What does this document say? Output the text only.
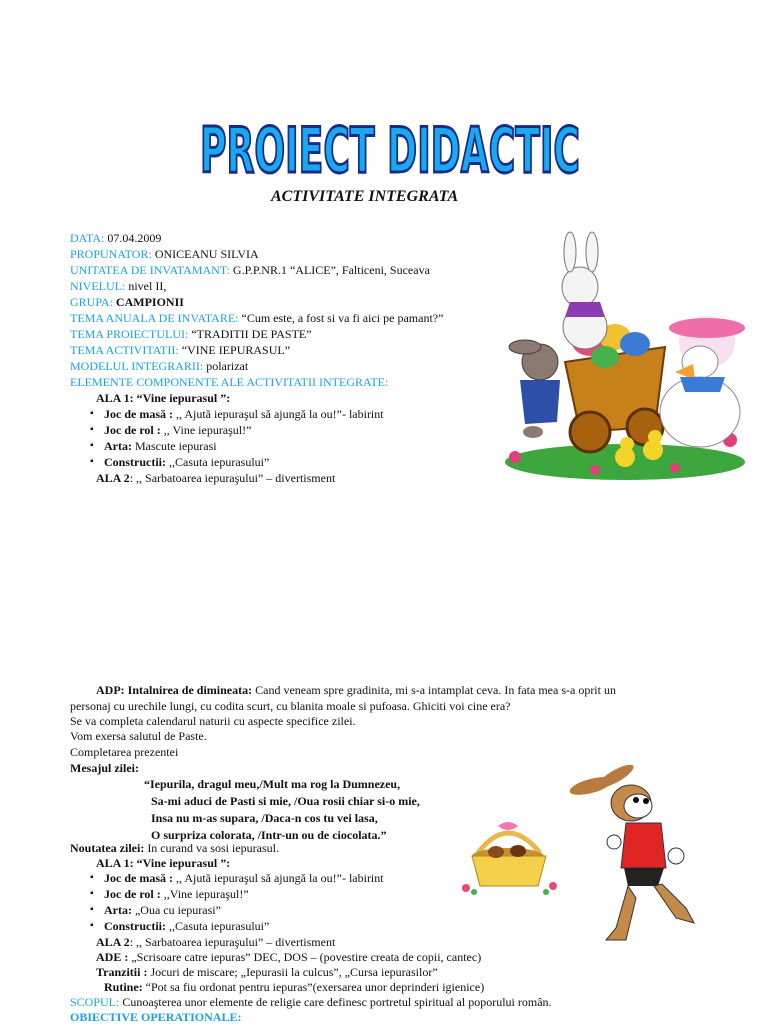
PROIECT DIDACTIC
ACTIVITATE INTEGRATA
DATA: 07.04.2009
PROPUNATOR: ONICEANU SILVIA
UNITATEA DE INVATAMANT: G.P.P.NR.1 “ALICE”, Falticeni, Suceava
NIVELUL: nivel II,
GRUPA: CAMPIONII
TEMA ANUALA DE INVATARE: “Cum este, a fost si va fi aici pe pamant?”
TEMA PROIECTULUI: “TRADITII DE PASTE”
TEMA ACTIVITATII: “VINE IEPURASUL”
MODELUL INTEGRARII: polarizat
ELEMENTE COMPONENTE ALE ACTIVITATII INTEGRATE:
ALA 1: “Vine iepurasul ”:
▪ Joc de masă : ,, Ajută iepuraşul să ajungă la ou!”- labirint
▪ Joc de rol : ,, Vine iepuraşul!”
▪ Arta: Mascute iepurasi
▪ Constructii: ,,Casuta iepurasului”
ALA 2: ,, Sarbatoarea iepuraşului” – divertisment
ADP: Intalnirea de dimineata: Cand veneam spre gradinita, mi s-a intamplat ceva. In fata mea s-a oprit un
personaj cu urechile lungi, cu codita scurt, cu blanita moale si pufoasa. Ghiciti voi cine era?
Se va completa calendarul naturii cu aspecte specifice zilei.
Vom exersa salutul de Paste.
Completarea prezentei
Mesajul zilei:
“Iepurila, dragul meu,/Mult ma rog la Dumnezeu,
Sa-mi aduci de Pasti si mie, /Oua rosii chiar si-o mie,
Insa nu m-as supara, /Daca-n cos tu vei lasa,
O surpriza colorata, /Intr-un ou de ciocolata.”
Noutatea zilei: In curand va sosi iepurasul.
ALA 1: “Vine iepurasul ”:
▪ Joc de masă : ,, Ajută iepuraşul să ajungă la ou!”- labirint
▪ Joc de rol : ,,Vine iepuraşul!”
▪ Arta: „Oua cu iepurasi”
▪ Constructii: ,,Casuta iepurasului”
ALA 2: ,, Sarbatoarea iepuraşului” – divertisment
ADE : „Scrisoare catre iepuras” DEC, DOS – (povestire creata de copii, cantec)
Tranzitii : Jocuri de miscare; „Iepurasii la culcus”, „Cursa iepurasilor”
Rutine: “Pot sa fiu ordonat pentru iepuras”(exersarea unor deprinderi igienice)
SCOPUL: Cunoaşterea unor elemente de religie care definesc portretul spiritual al poporului român.
OBIECTIVE OPERATIONALE:
